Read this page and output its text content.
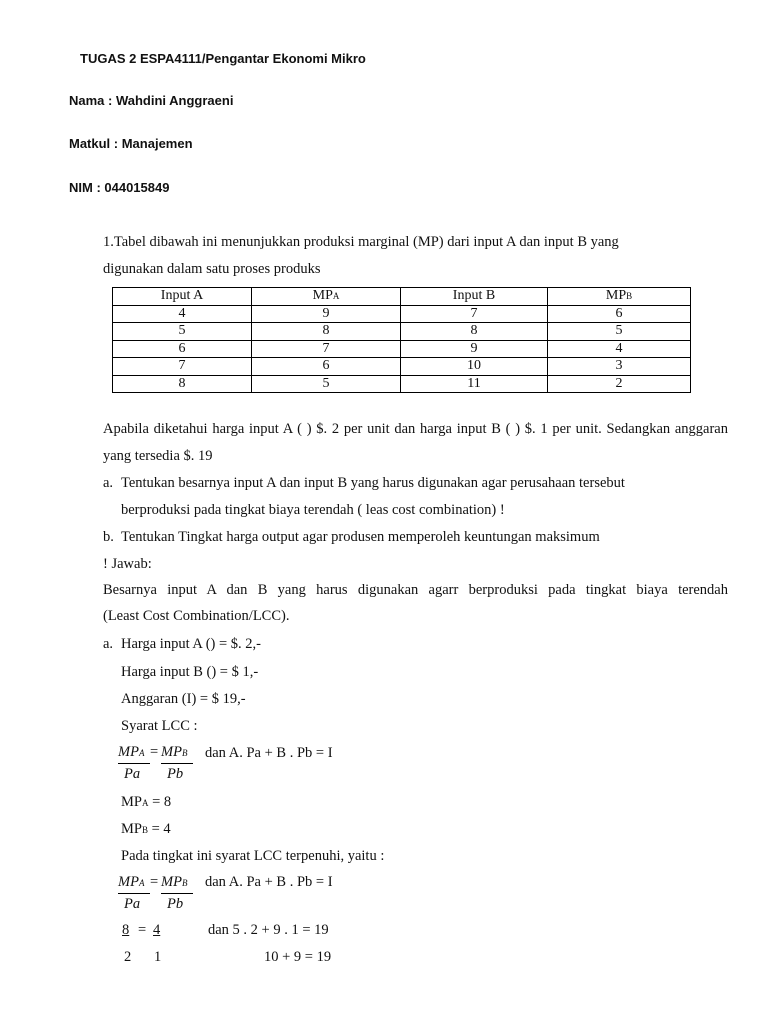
TUGAS 2 ESPA4111/Pengantar Ekonomi Mikro
Nama : Wahdini Anggraeni
Matkul : Manajemen
NIM : 044015849
1.Tabel dibawah ini menunjukkan produksi marginal (MP) dari input A dan input B yang
digunakan dalam satu proses produks
Input A	MPA	Input B	MPB
4	9	7	6
5	8	8	5
6	7	9	4
7	6	10	3
8	5	11	2
Apabila diketahui harga input A ( ) $. 2 per unit dan harga input B ( ) $. 1 per unit. Sedangkan anggaran
yang tersedia $. 19
a. Tentukan besarnya input A dan input B yang harus digunakan agar perusahaan tersebut
berproduksi pada tingkat biaya terendah ( leas cost combination) !
b. Tentukan Tingkat harga output agar produsen memperoleh keuntungan maksimum
! Jawab:
Besarnya input A dan B yang harus digunakan agarr berproduksi pada tingkat biaya terendah
(Least Cost Combination/LCC).
a. Harga input A () = $. 2,-
Harga input B () = $ 1,-
Anggaran (I) = $ 19,-
Syarat LCC :
MPA = MPB
Pa Pb
dan A. Pa + B . Pb = I
MPA = 8
MPB = 4
Pada tingkat ini syarat LCC terpenuhi, yaitu :
MPA = MPB
Pa Pb
dan A. Pa + B . Pb = I
8 = 4	dan 5 . 2 + 9 . 1 = 19
2 1	10 + 9 = 19
